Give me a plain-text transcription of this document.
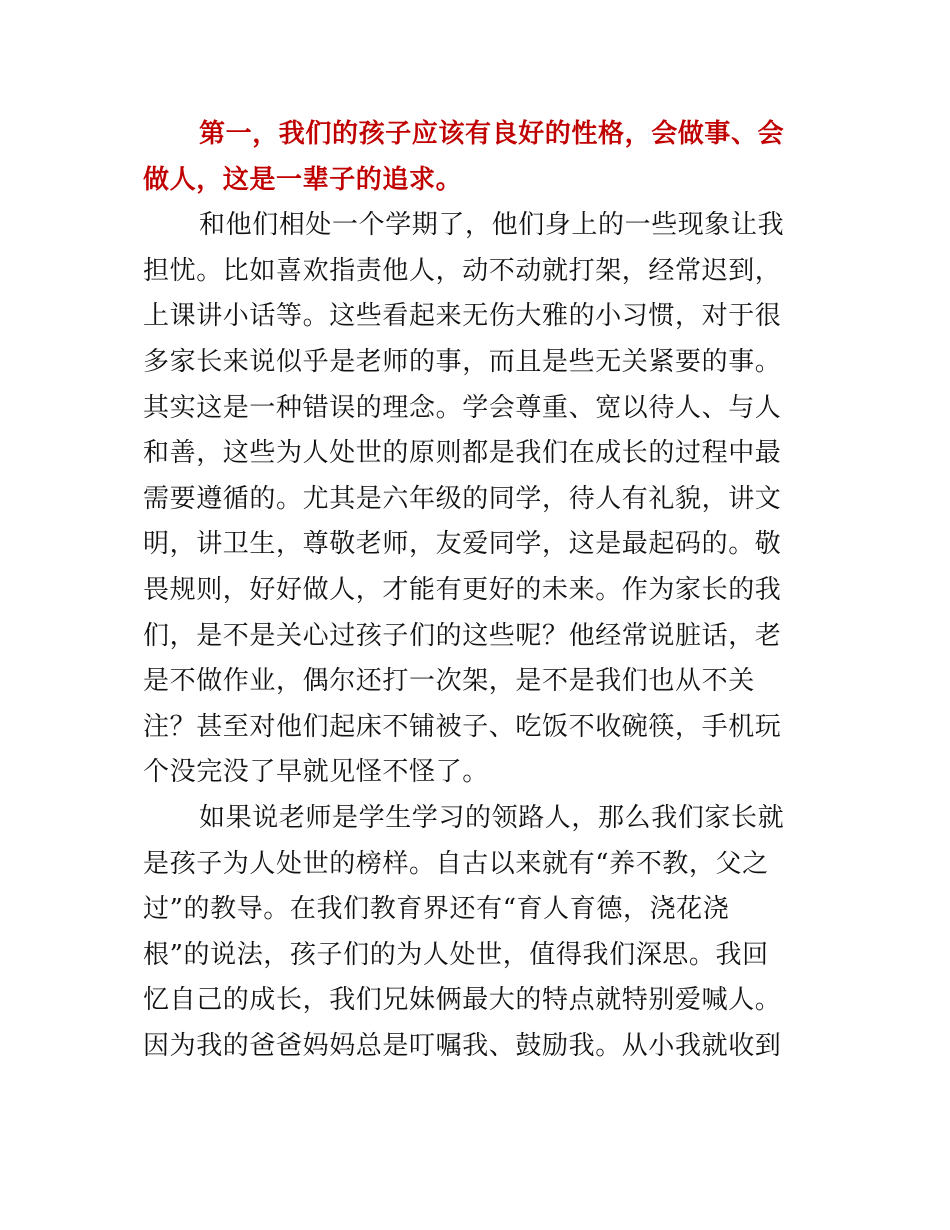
第一，我们的孩子应该有良好的性格，会做事、会
做人，这是一辈子的追求。
和他们相处一个学期了，他们身上的一些现象让我
担忧。比如喜欢指责他人，动不动就打架，经常迟到，
上课讲小话等。这些看起来无伤大雅的小习惯，对于很
多家长来说似乎是老师的事，而且是些无关紧要的事。
其实这是一种错误的理念。学会尊重、宽以待人、与人
和善，这些为人处世的原则都是我们在成长的过程中最
需要遵循的。尤其是六年级的同学，待人有礼貌，讲文
明，讲卫生，尊敬老师，友爱同学，这是最起码的。敬
畏规则，好好做人，才能有更好的未来。作为家长的我
们，是不是关心过孩子们的这些呢？他经常说脏话，老
是不做作业，偶尔还打一次架，是不是我们也从不关
注？甚至对他们起床不铺被子、吃饭不收碗筷，手机玩
个没完没了早就见怪不怪了。
如果说老师是学生学习的领路人，那么我们家长就
是孩子为人处世的榜样。自古以来就有“养不教，父之
过”的教导。在我们教育界还有“育人育德，浇花浇
根”的说法，孩子们的为人处世，值得我们深思。我回
忆自己的成长，我们兄妹俩最大的特点就特别爱喊人。
因为我的爸爸妈妈总是叮嘱我、鼓励我。从小我就收到
